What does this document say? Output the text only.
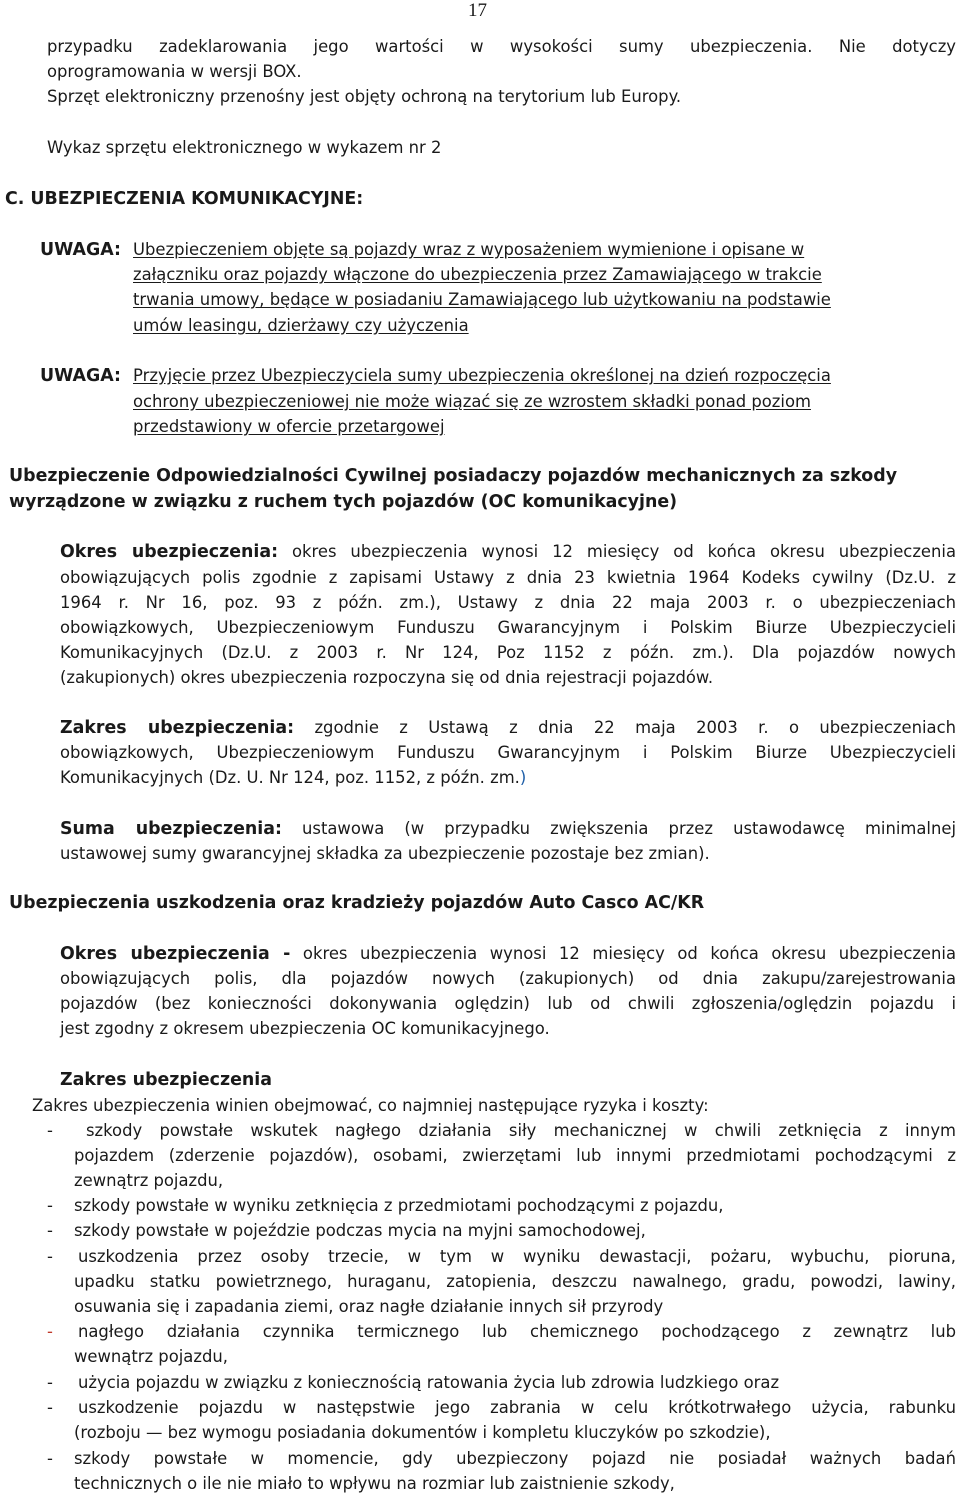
17
przypadku zadeklarowania jego wartości w wysokości sumy ubezpieczenia. Nie dotyczy
oprogramowania w wersji BOX.
Sprzęt elektroniczny przenośny jest objęty ochroną na terytorium lub Europy.
Wykaz sprzętu elektronicznego w wykazem nr 2
C. UBEZPIECZENIA KOMUNIKACYJNE:
UWAGA: Ubezpieczeniem objęte są pojazdy wraz z wyposażeniem wymienione i opisane w
załączniku oraz pojazdy włączone do ubezpieczenia przez Zamawiającego w trakcie
trwania umowy, będące w posiadaniu Zamawiającego lub użytkowaniu na podstawie
umów leasingu, dzierżawy czy użyczenia
UWAGA: Przyjęcie przez Ubezpieczyciela sumy ubezpieczenia określonej na dzień rozpoczęcia
ochrony ubezpieczeniowej nie może wiązać się ze wzrostem składki ponad poziom
przedstawiony w ofercie przetargowej
Ubezpieczenie Odpowiedzialności Cywilnej posiadaczy pojazdów mechanicznych za szkody
wyrządzone w związku z ruchem tych pojazdów (OC komunikacyjne)
Okres ubezpieczenia: okres ubezpieczenia wynosi 12 miesięcy od końca okresu ubezpieczenia
obowiązujących polis zgodnie z zapisami Ustawy z dnia 23 kwietnia 1964 Kodeks cywilny (Dz.U. z
1964 r. Nr 16, poz. 93 z późn. zm.), Ustawy z dnia 22 maja 2003 r. o ubezpieczeniach
obowiązkowych, Ubezpieczeniowym Funduszu Gwarancyjnym i Polskim Biurze Ubezpieczycieli
Komunikacyjnych (Dz.U. z 2003 r. Nr 124, Poz 1152 z późn. zm.). Dla pojazdów nowych
(zakupionych) okres ubezpieczenia rozpoczyna się od dnia rejestracji pojazdów.
Zakres ubezpieczenia: zgodnie z Ustawą z dnia 22 maja 2003 r. o ubezpieczeniach
obowiązkowych, Ubezpieczeniowym Funduszu Gwarancyjnym i Polskim Biurze Ubezpieczycieli
Komunikacyjnych (Dz. U. Nr 124, poz. 1152, z późn. zm.)
Suma ubezpieczenia: ustawowa (w przypadku zwiększenia przez ustawodawcę minimalnej
ustawowej sumy gwarancyjnej składka za ubezpieczenie pozostaje bez zmian).
Ubezpieczenia uszkodzenia oraz kradzieży pojazdów Auto Casco AC/KR
Okres ubezpieczenia - okres ubezpieczenia wynosi 12 miesięcy od końca okresu ubezpieczenia
obowiązujących polis, dla pojazdów nowych (zakupionych) od dnia zakupu/zarejestrowania
pojazdów (bez konieczności dokonywania oględzin) lub od chwili zgłoszenia/oględzin pojazdu i
jest zgodny z okresem ubezpieczenia OC komunikacyjnego.
Zakres ubezpieczenia
Zakres ubezpieczenia winien obejmować, co najmniej następujące ryzyka i koszty:
- szkody powstałe wskutek nagłego działania siły mechanicznej w chwili zetknięcia z innym
pojazdem (zderzenie pojazdów), osobami, zwierzętami lub innymi przedmiotami pochodzącymi z
zewnątrz pojazdu,
- szkody powstałe w wyniku zetknięcia z przedmiotami pochodzącymi z pojazdu,
- szkody powstałe w pojeździe podczas mycia na myjni samochodowej,
- uszkodzenia przez osoby trzecie, w tym w wyniku dewastacji, pożaru, wybuchu, pioruna,
upadku statku powietrznego, huraganu, zatopienia, deszczu nawalnego, gradu, powodzi, lawiny,
osuwania się i zapadania ziemi, oraz nagłe działanie innych sił przyrody
- nagłego działania czynnika termicznego lub chemicznego pochodzącego z zewnątrz lub
wewnątrz pojazdu,
- użycia pojazdu w związku z koniecznością ratowania życia lub zdrowia ludzkiego oraz
- uszkodzenie pojazdu w następstwie jego zabrania w celu krótkotrwałego użycia, rabunku
(rozboju — bez wymogu posiadania dokumentów i kompletu kluczyków po szkodzie),
- szkody powstałe w momencie, gdy ubezpieczony pojazd nie posiadał ważnych badań
technicznych o ile nie miało to wpływu na rozmiar lub zaistnienie szkody,
